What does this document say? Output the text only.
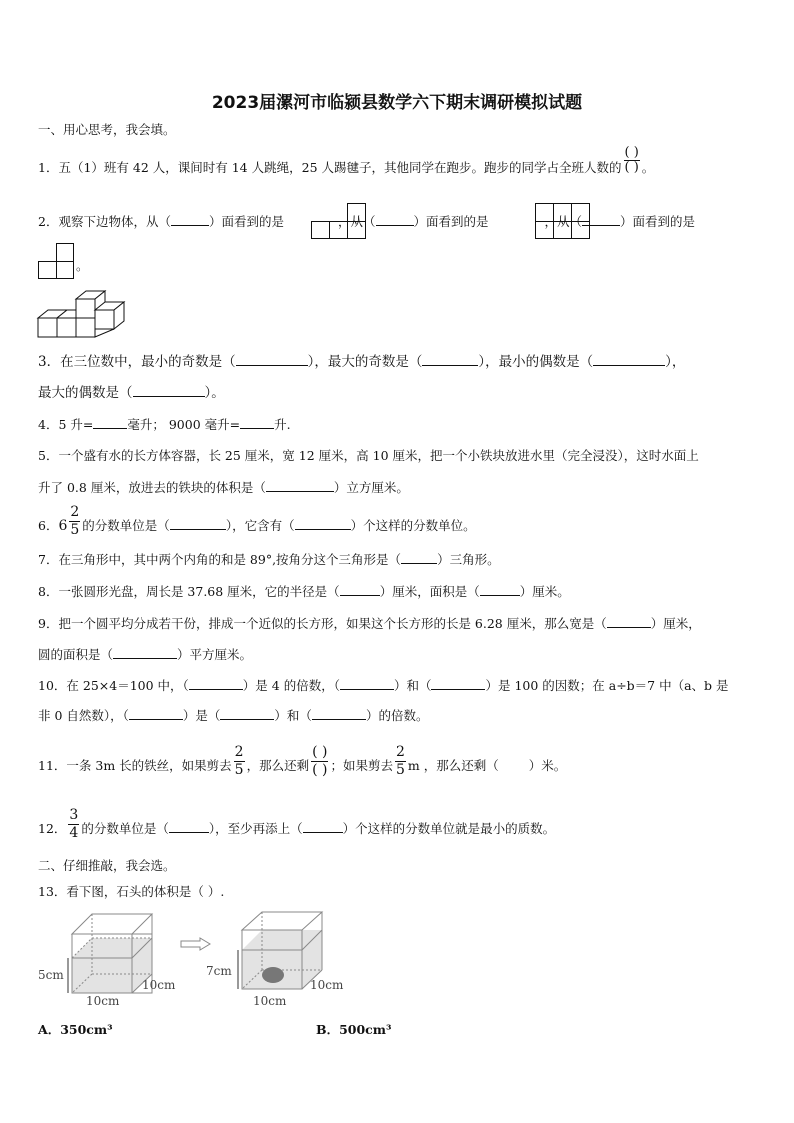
2023届漯河市临颍县数学六下期末调研模拟试题
一、用心思考，我会填。
1．五（1）班有 42 人，课间时有 14 人跳绳，25 人踢毽子，其他同学在跑步。跑步的同学占全班人数的 $\frac{( )}{( )}$ 。
2．观察下边物体，从（	）面看到的是	，从（	）面看到的是	，从（	）面看到的是
。
3．在三位数中，最小的奇数是（	），最大的奇数是（	），最小的偶数是（	），
最大的偶数是（	）。
4．5 升=	毫升； 9000 毫升=	升.
5．一个盛有水的长方体容器，长 25 厘米，宽 12 厘米，高 10 厘米，把一个小铁块放进水里（完全浸没），这时水面上
升了 0.8 厘米，放进去的铁块的体积是（	）立方厘米。
6．$6 \frac{2}{5}$ 的分数单位是（	），它含有（	）个这样的分数单位。
7．在三角形中，其中两个内角的和是 89°,按角分这个三角形是（	）三角形。
8．一张圆形光盘，周长是 37.68 厘米，它的半径是（	）厘米，面积是（	）厘米。
9．把一个圆平均分成若干份，排成一个近似的长方形，如果这个长方形的长是 6.28 厘米，那么宽是（	）厘米，
圆的面积是（	）平方厘米。
10．在 25×4＝100 中，（	）是 4 的倍数，（	）和（	）是 100 的因数；在 a÷b＝7 中（a、b 是
非 0 自然数），（	）是（	）和（	）的倍数。
11．一条 3m 长的铁丝，如果剪去 $\frac{2}{5}$ ，那么还剩 $\frac{( )}{( )}$ ；如果剪去 $\frac{2}{5}$ m ，那么还剩（ ）米。
12． $\frac{3}{4}$ 的分数单位是（	），至少再添上（	）个这样的分数单位就是最小的质数。
二、仔细推敲，我会选。
13．看下图，石头的体积是（ ）.
5cm
10cm
10cm
7cm
10cm
10cm
A．350cm³	B．500cm³
